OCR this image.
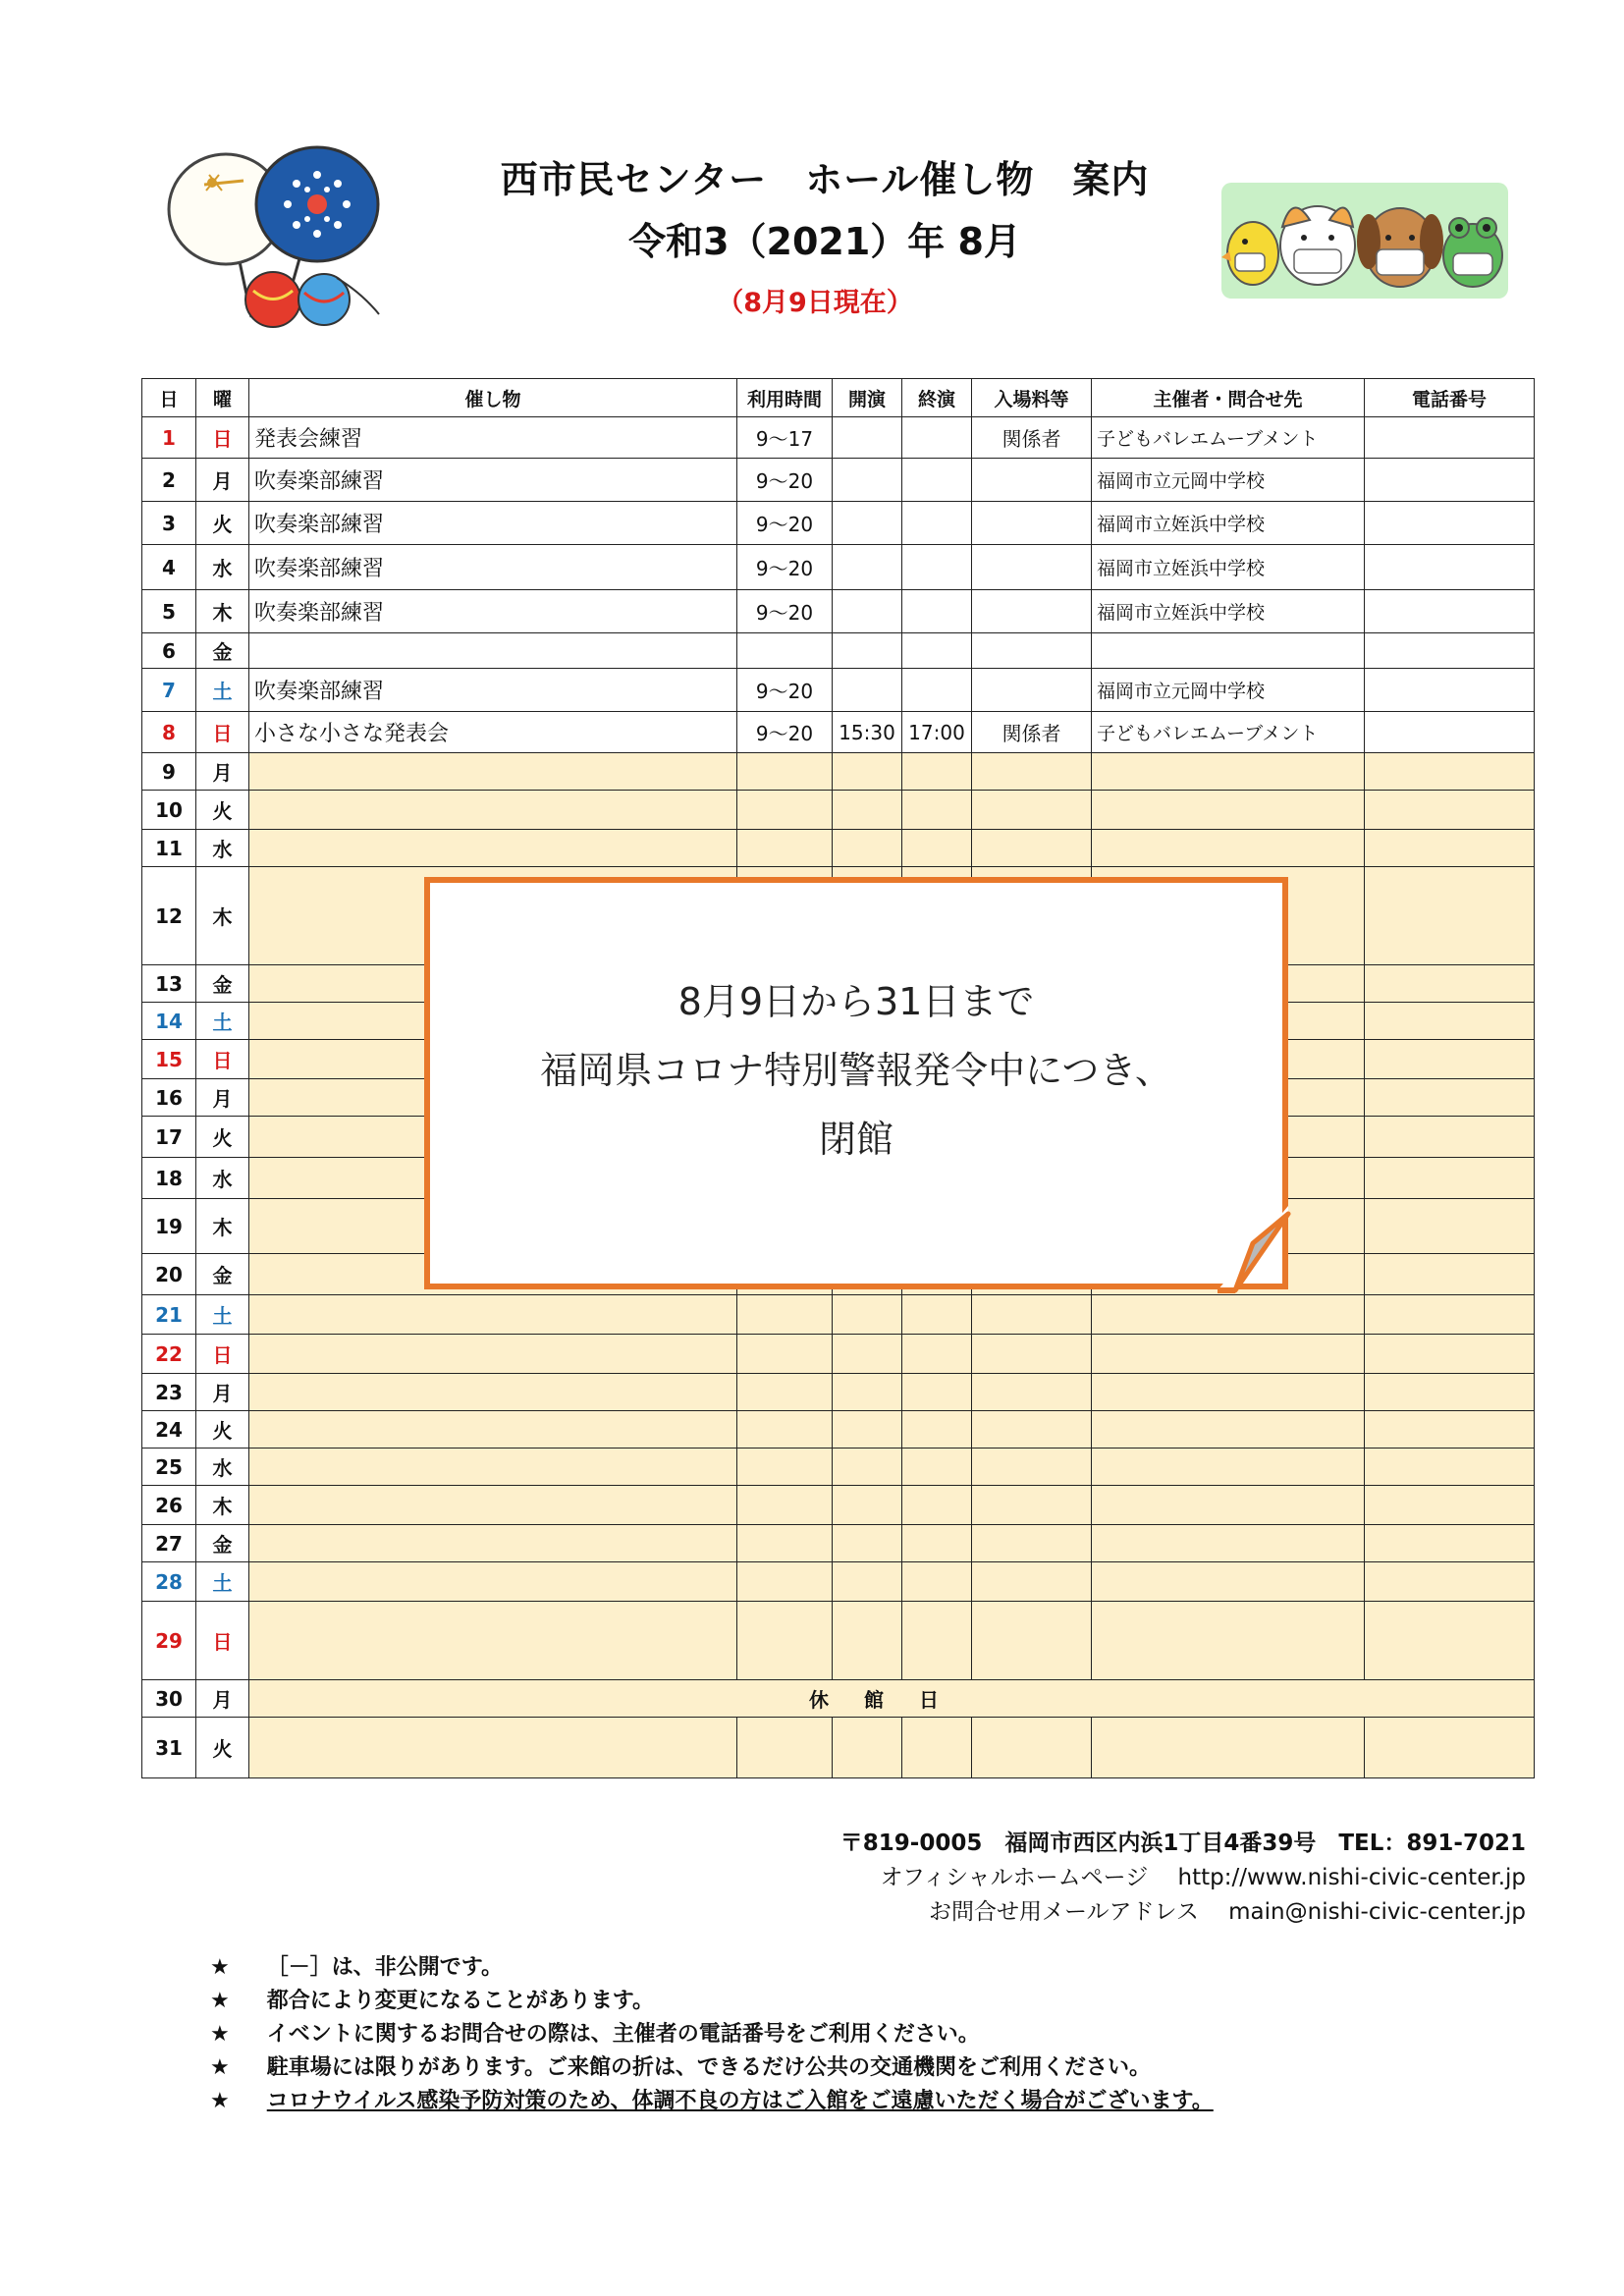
西市民センター　ホール催し物　案内
令和3（2021）年 8月
（8月9日現在）
日	曜	催し物	利用時間	開演	終演	入場料等	主催者・問合せ先	電話番号
1	日	発表会練習	9～17			関係者	子どもバレエムーブメント	
2	月	吹奏楽部練習	9～20				福岡市立元岡中学校	
3	火	吹奏楽部練習	9～20				福岡市立姪浜中学校	
4	水	吹奏楽部練習	9～20				福岡市立姪浜中学校	
5	木	吹奏楽部練習	9～20				福岡市立姪浜中学校	
6	金							
7	土	吹奏楽部練習	9～20				福岡市立元岡中学校	
8	日	小さな小さな発表会	9～20	15:30	17:00	関係者	子どもバレエムーブメント	
9	月							
10	火							
11	水							
12	木							
13	金							
14	土							
15	日							
16	月							
17	火							
18	水							
19	木							
20	金							
21	土							
22	日							
23	月							
24	火							
25	水							
26	木							
27	金							
28	土							
29	日							
30	月	休館日						
31	火							
8月9日から31日まで
福岡県コロナ特別警報発令中につき、
閉館
〒819-0005　福岡市西区内浜1丁目4番39号　TEL：891-7021
オフィシャルホームページ　 http://www.nishi-civic-center.jp
お問合せ用メールアドレス　 main@nishi-civic-center.jp
★ ［－］は、非公開です。
★ 都合により変更になることがあります。
★ イベントに関するお問合せの際は、主催者の電話番号をご利用ください。
★ 駐車場には限りがあります。ご来館の折は、できるだけ公共の交通機関をご利用ください。
★ コロナウイルス感染予防対策のため、体調不良の方はご入館をご遠慮いただく場合がございます。
